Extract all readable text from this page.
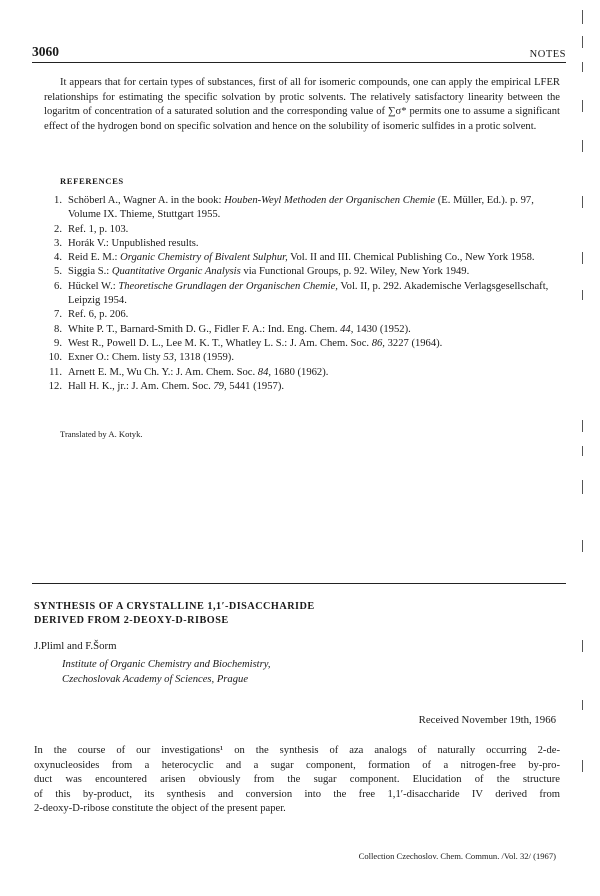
3060	NOTES

It appears that for certain types of substances, first of all for isomeric compounds, one can apply the empirical LFER relationships for estimating the specific solvation by protic solvents. The relatively satisfactory linearity between the logaritm of concentration of a saturated solution and the corresponding value of ∑σ* permits one to assume a significant effect of the hydrogen bond on specific solvation and hence on the solubility of isomeric sulfides in a protic solvent.

REFERENCES
1. Schöberl A., Wagner A. in the book: Houben-Weyl Methoden der Organischen Chemie (E. Müller, Ed.). p. 97, Volume IX. Thieme, Stuttgart 1955.
2. Ref. 1, p. 103.
3. Horák V.: Unpublished results.
4. Reid E. M.: Organic Chemistry of Bivalent Sulphur, Vol. II and III. Chemical Publishing Co., New York 1958.
5. Siggia S.: Quantitative Organic Analysis via Functional Groups, p. 92. Wiley, New York 1949.
6. Hückel W.: Theoretische Grundlagen der Organischen Chemie, Vol. II, p. 292. Akademische Verlagsgesellschaft, Leipzig 1954.
7. Ref. 6, p. 206.
8. White P. T., Barnard-Smith D. G., Fidler F. A.: Ind. Eng. Chem. 44, 1430 (1952).
9. West R., Powell D. L., Lee M. K. T., Whatley L. S.: J. Am. Chem. Soc. 86, 3227 (1964).
10. Exner O.: Chem. listy 53, 1318 (1959).
11. Arnett E. M., Wu Ch. Y.: J. Am. Chem. Soc. 84, 1680 (1962).
12. Hall H. K., jr.: J. Am. Chem. Soc. 79, 5441 (1957).
Translated by A. Kotyk.
SYNTHESIS OF A CRYSTALLINE 1,1′-DISACCHARIDE
DERIVED FROM 2-DEOXY-D-RIBOSE
J.Pliml and F.Šorm
Institute of Organic Chemistry and Biochemistry,
Czechoslovak Academy of Sciences, Prague
Received November 19th, 1966
In the course of our investigations¹ on the synthesis of aza analogs of naturally occurring 2-de-
oxynucleosides from a heterocyclic and a sugar component, formation of a nitrogen-free by-pro-
duct was encountered arisen obviously from the sugar component. Elucidation of the structure
of this by-product, its synthesis and conversion into the free 1,1′-disaccharide IV derived from
2-deoxy-D-ribose constitute the object of the present paper.
Collection Czechoslov. Chem. Commun. /Vol. 32/ (1967)
